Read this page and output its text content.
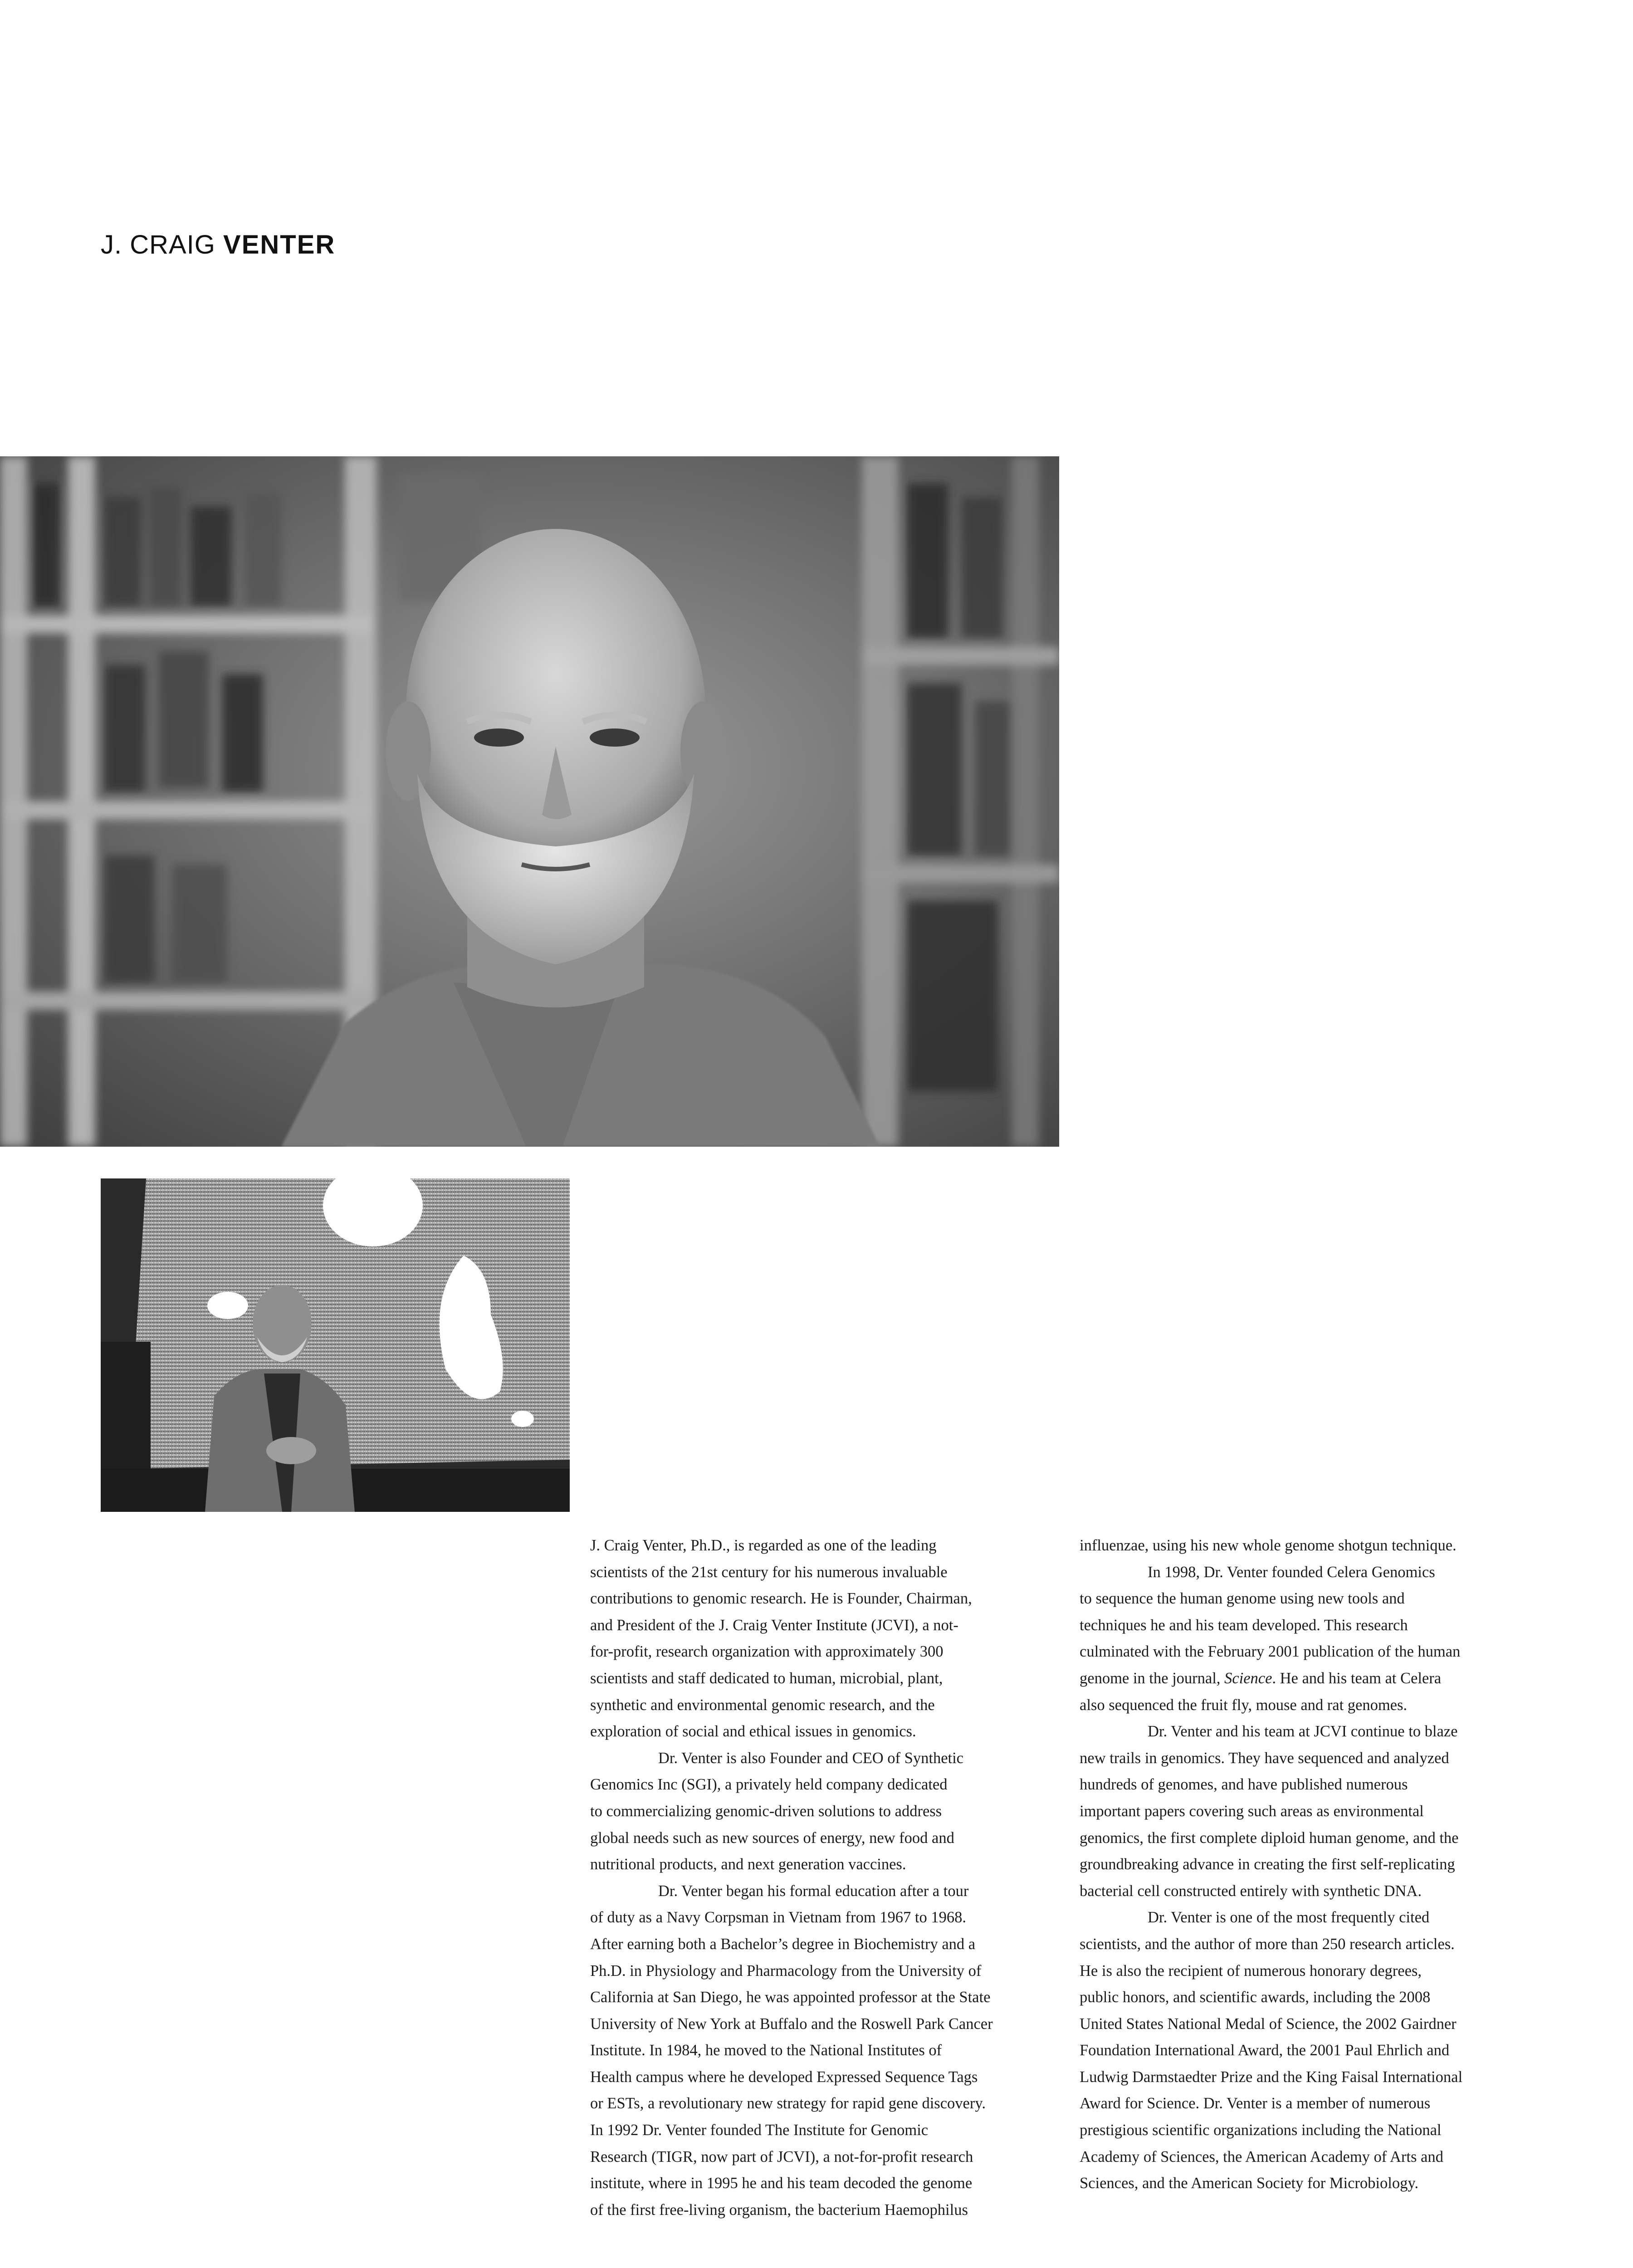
J. CRAIG VENTER

J. Craig Venter, Ph.D., is regarded as one of the leading
scientists of the 21st century for his numerous invaluable
contributions to genomic research. He is Founder, Chairman,
and President of the J. Craig Venter Institute (JCVI), a not-
for-profit, research organization with approximately 300
scientists and staff dedicated to human, microbial, plant,
synthetic and environmental genomic research, and the
exploration of social and ethical issues in genomics.

Dr. Venter is also Founder and CEO of Synthetic
Genomics Inc (SGI), a privately held company dedicated
to commercializing genomic-driven solutions to address
global needs such as new sources of energy, new food and
nutritional products, and next generation vaccines.

Dr. Venter began his formal education after a tour
of duty as a Navy Corpsman in Vietnam from 1967 to 1968.
After earning both a Bachelor’s degree in Biochemistry and a
Ph.D. in Physiology and Pharmacology from the University of
California at San Diego, he was appointed professor at the State
University of New York at Buffalo and the Roswell Park Cancer
Institute. In 1984, he moved to the National Institutes of
Health campus where he developed Expressed Sequence Tags
or ESTs, a revolutionary new strategy for rapid gene discovery.
In 1992 Dr. Venter founded The Institute for Genomic
Research (TIGR, now part of JCVI), a not-for-profit research
institute, where in 1995 he and his team decoded the genome
of the first free-living organism, the bacterium Haemophilus

influenzae, using his new whole genome shotgun technique.

In 1998, Dr. Venter founded Celera Genomics
to sequence the human genome using new tools and
techniques he and his team developed. This research
culminated with the February 2001 publication of the human
genome in the journal, Science. He and his team at Celera
also sequenced the fruit fly, mouse and rat genomes.

Dr. Venter and his team at JCVI continue to blaze
new trails in genomics. They have sequenced and analyzed
hundreds of genomes, and have published numerous
important papers covering such areas as environmental
genomics, the first complete diploid human genome, and the
groundbreaking advance in creating the first self-replicating
bacterial cell constructed entirely with synthetic DNA.

Dr. Venter is one of the most frequently cited
scientists, and the author of more than 250 research articles.
He is also the recipient of numerous honorary degrees,
public honors, and scientific awards, including the 2008
United States National Medal of Science, the 2002 Gairdner
Foundation International Award, the 2001 Paul Ehrlich and
Ludwig Darmstaedter Prize and the King Faisal International
Award for Science. Dr. Venter is a member of numerous
prestigious scientific organizations including the National
Academy of Sciences, the American Academy of Arts and
Sciences, and the American Society for Microbiology.
